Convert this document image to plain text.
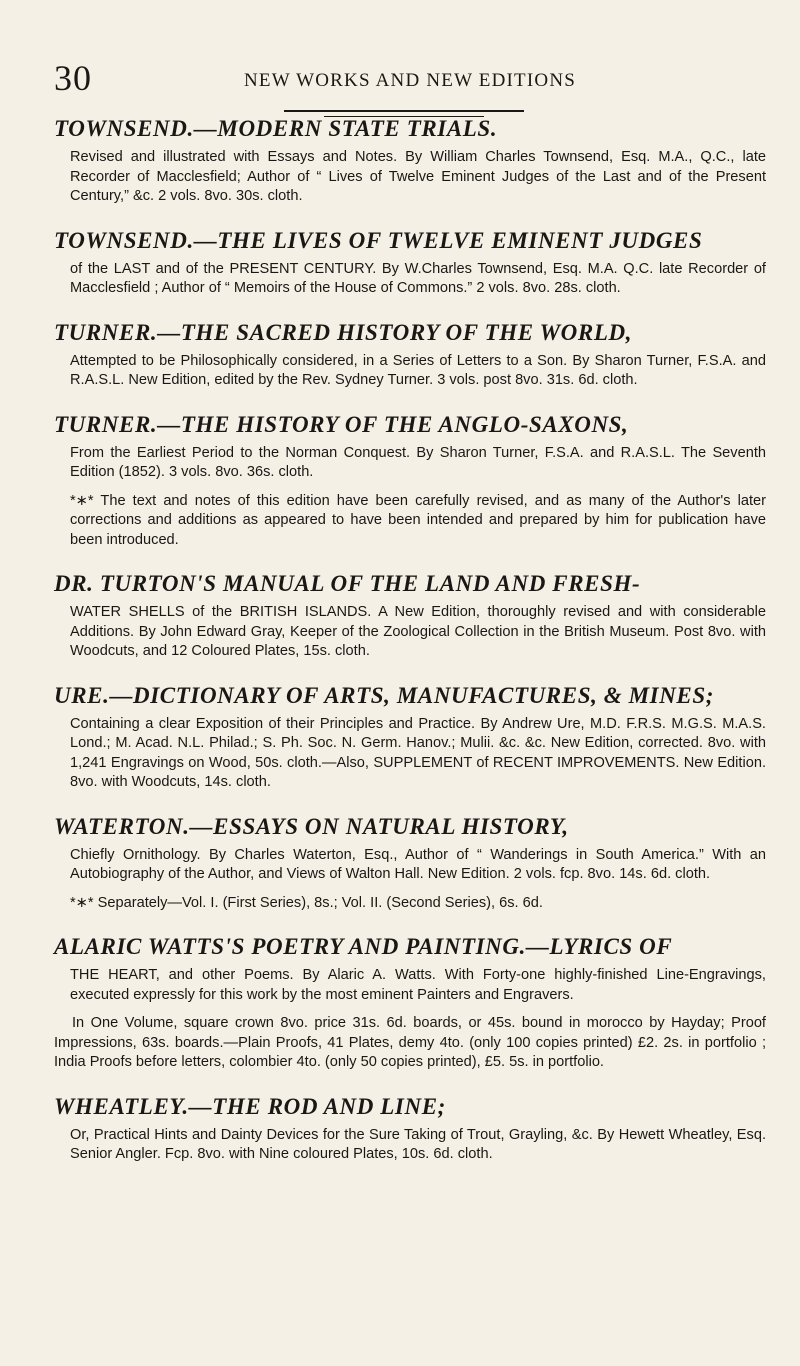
30	NEW WORKS AND NEW EDITIONS
TOWNSEND.—MODERN STATE TRIALS.

Revised and illustrated with Essays and Notes. By William Charles Townsend, Esq. M.A., Q.C., late Recorder of Macclesfield; Author of “ Lives of Twelve Eminent Judges of the Last and of the Present Century,” &c. 2 vols. 8vo. 30s. cloth.

TOWNSEND.—THE LIVES OF TWELVE EMINENT JUDGES

of the LAST and of the PRESENT CENTURY. By W.Charles Townsend, Esq. M.A. Q.C. late Recorder of Macclesfield ; Author of “ Memoirs of the House of Commons.” 2 vols. 8vo. 28s. cloth.

TURNER.—THE SACRED HISTORY OF THE WORLD,

Attempted to be Philosophically considered, in a Series of Letters to a Son. By Sharon Turner, F.S.A. and R.A.S.L. New Edition, edited by the Rev. Sydney Turner. 3 vols. post 8vo. 31s. 6d. cloth.

TURNER.—THE HISTORY OF THE ANGLO-SAXONS,

From the Earliest Period to the Norman Conquest. By Sharon Turner, F.S.A. and R.A.S.L. The Seventh Edition (1852). 3 vols. 8vo. 36s. cloth.

*∗* The text and notes of this edition have been carefully revised, and as many of the Author's later corrections and additions as appeared to have been intended and prepared by him for publication have been introduced.

DR. TURTON'S MANUAL OF THE LAND AND FRESH-

WATER SHELLS of the BRITISH ISLANDS. A New Edition, thoroughly revised and with considerable Additions. By John Edward Gray, Keeper of the Zoological Collection in the British Museum. Post 8vo. with Woodcuts, and 12 Coloured Plates, 15s. cloth.

URE.—DICTIONARY OF ARTS, MANUFACTURES, & MINES;

Containing a clear Exposition of their Principles and Practice. By Andrew Ure, M.D. F.R.S. M.G.S. M.A.S. Lond.; M. Acad. N.L. Philad.; S. Ph. Soc. N. Germ. Hanov.; Mulii. &c. &c. New Edition, corrected. 8vo. with 1,241 Engravings on Wood, 50s. cloth.—Also, SUPPLEMENT of RECENT IMPROVEMENTS. New Edition. 8vo. with Woodcuts, 14s. cloth.

WATERTON.—ESSAYS ON NATURAL HISTORY,

Chiefly Ornithology. By Charles Waterton, Esq., Author of “ Wanderings in South America.” With an Autobiography of the Author, and Views of Walton Hall. New Edition. 2 vols. fcp. 8vo. 14s. 6d. cloth.

*∗* Separately—Vol. I. (First Series), 8s.; Vol. II. (Second Series), 6s. 6d.

ALARIC WATTS'S POETRY AND PAINTING.—LYRICS OF

THE HEART, and other Poems. By Alaric A. Watts. With Forty-one highly-finished Line-Engravings, executed expressly for this work by the most eminent Painters and Engravers.

In One Volume, square crown 8vo. price 31s. 6d. boards, or 45s. bound in morocco by Hayday; Proof Impressions, 63s. boards.—Plain Proofs, 41 Plates, demy 4to. (only 100 copies printed) £2. 2s. in portfolio ; India Proofs before letters, colombier 4to. (only 50 copies printed), £5. 5s. in portfolio.

WHEATLEY.—THE ROD AND LINE;

Or, Practical Hints and Dainty Devices for the Sure Taking of Trout, Grayling, &c. By Hewett Wheatley, Esq. Senior Angler. Fcp. 8vo. with Nine coloured Plates, 10s. 6d. cloth.
